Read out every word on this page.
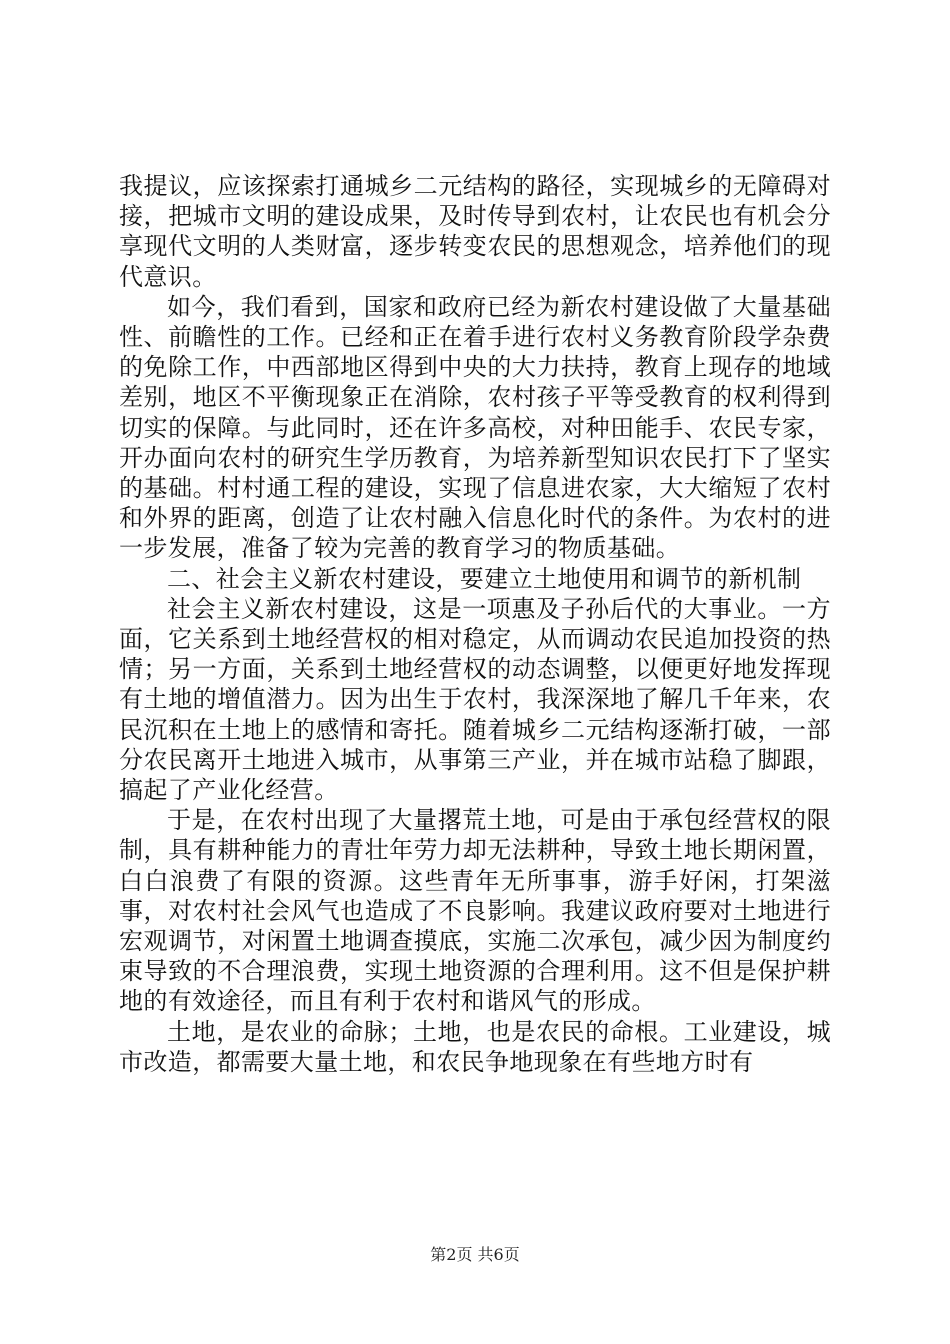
我提议，应该探索打通城乡二元结构的路径，实现城乡的无障碍对接，把城市文明的建设成果，及时传导到农村，让农民也有机会分享现代文明的人类财富，逐步转变农民的思想观念，培养他们的现代意识。

如今，我们看到，国家和政府已经为新农村建设做了大量基础性、前瞻性的工作。已经和正在着手进行农村义务教育阶段学杂费的免除工作，中西部地区得到中央的大力扶持，教育上现存的地域差别，地区不平衡现象正在消除，农村孩子平等受教育的权利得到切实的保障。与此同时，还在许多高校，对种田能手、农民专家，开办面向农村的研究生学历教育，为培养新型知识农民打下了坚实的基础。村村通工程的建设，实现了信息进农家，大大缩短了农村和外界的距离，创造了让农村融入信息化时代的条件。为农村的进一步发展，准备了较为完善的教育学习的物质基础。

二、社会主义新农村建设，要建立土地使用和调节的新机制

社会主义新农村建设，这是一项惠及子孙后代的大事业。一方面，它关系到土地经营权的相对稳定，从而调动农民追加投资的热情；另一方面，关系到土地经营权的动态调整，以便更好地发挥现有土地的增值潜力。因为出生于农村，我深深地了解几千年来，农民沉积在土地上的感情和寄托。随着城乡二元结构逐渐打破，一部分农民离开土地进入城市，从事第三产业，并在城市站稳了脚跟，搞起了产业化经营。

于是，在农村出现了大量撂荒土地，可是由于承包经营权的限制，具有耕种能力的青壮年劳力却无法耕种，导致土地长期闲置，白白浪费了有限的资源。这些青年无所事事，游手好闲，打架滋事，对农村社会风气也造成了不良影响。我建议政府要对土地进行宏观调节，对闲置土地调查摸底，实施二次承包，减少因为制度约束导致的不合理浪费，实现土地资源的合理利用。这不但是保护耕地的有效途径，而且有利于农村和谐风气的形成。

土地，是农业的命脉；土地，也是农民的命根。工业建设，城市改造，都需要大量土地，和农民争地现象在有些地方时有

第2页 共6页
